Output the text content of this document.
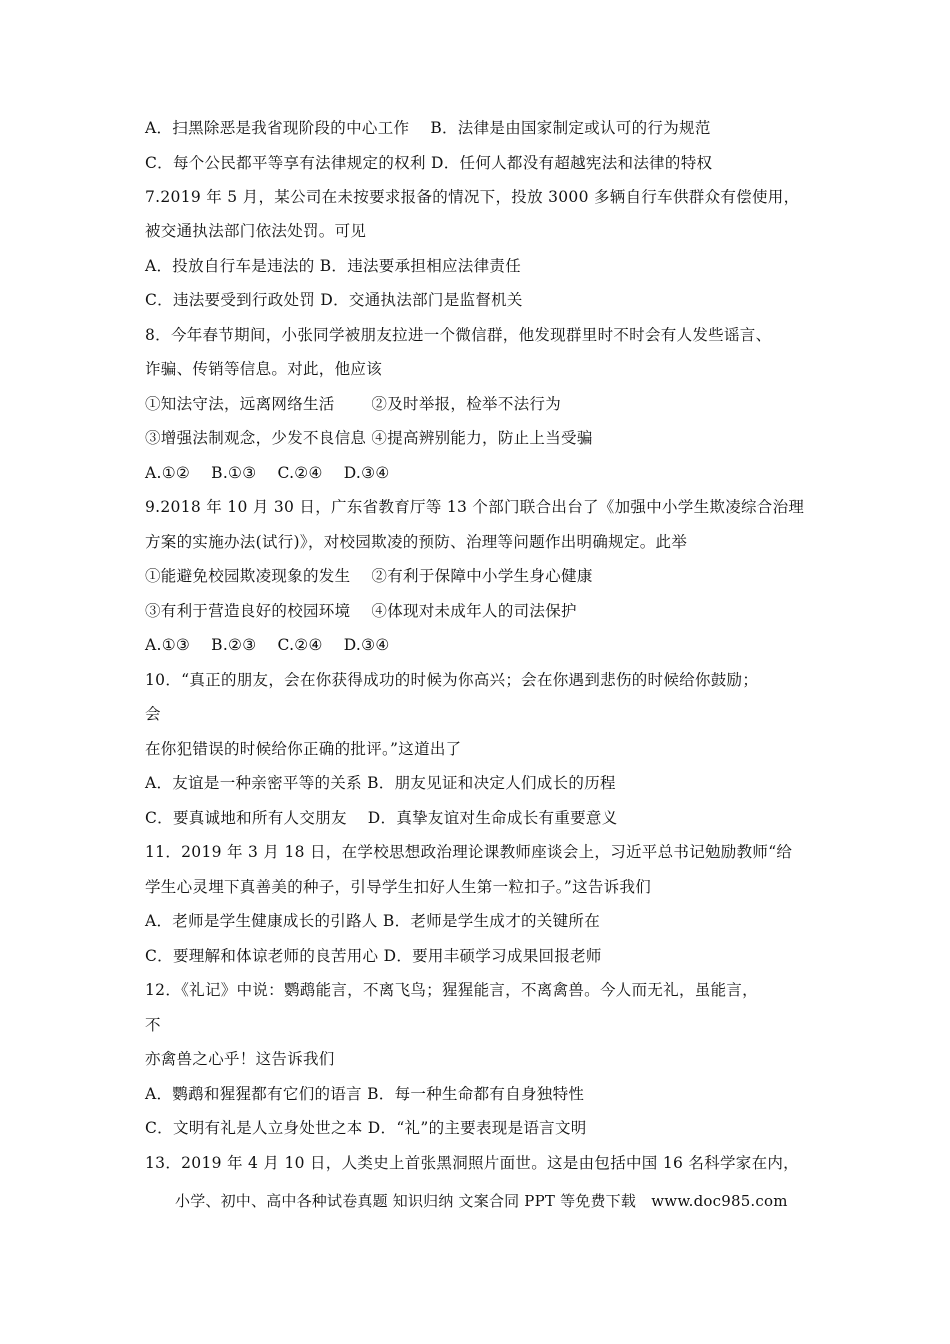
A．扫黑除恶是我省现阶段的中心工作　 B．法律是由国家制定或认可的行为规范
C．每个公民都平等享有法律规定的权利 D．任何人都没有超越宪法和法律的特权
7.2019 年 5 月，某公司在未按要求报备的情况下，投放 3000 多辆自行车供群众有偿使用，
被交通执法部门依法处罚。可见
A．投放自行车是违法的 B．违法要承担相应法律责任
C．违法要受到行政处罚 D．交通执法部门是监督机关
8．今年春节期间，小张同学被朋友拉进一个微信群，他发现群里时不时会有人发些谣言、
诈骗、传销等信息。对此，他应该
①知法守法，远离网络生活　　 ②及时举报，检举不法行为
③增强法制观念，少发不良信息 ④提高辨别能力，防止上当受骗
A.①②　 B.①③　 C.②④　 D.③④
9.2018 年 10 月 30 日，广东省教育厅等 13 个部门联合出台了《加强中小学生欺凌综合治理
方案的实施办法(试行)》，对校园欺凌的预防、治理等问题作出明确规定。此举
①能避免校园欺凌现象的发生　 ②有利于保障中小学生身心健康
③有利于营造良好的校园环境　 ④体现对未成年人的司法保护
A.①③　 B.②③　 C.②④　 D.③④
10．“真正的朋友，会在你获得成功的时候为你高兴；会在你遇到悲伤的时候给你鼓励；
会
在你犯错误的时候给你正确的批评。”这道出了
A．友谊是一种亲密平等的关系 B．朋友见证和决定人们成长的历程
C．要真诚地和所有人交朋友　 D．真挚友谊对生命成长有重要意义
11．2019 年 3 月 18 日，在学校思想政治理论课教师座谈会上，习近平总书记勉励教师“给
学生心灵埋下真善美的种子，引导学生扣好人生第一粒扣子。”这告诉我们
A．老师是学生健康成长的引路人 B．老师是学生成才的关键所在
C．要理解和体谅老师的良苦用心 D．要用丰硕学习成果回报老师
12．《礼记》中说：鹦鹉能言，不离飞鸟；猩猩能言，不离禽兽。今人而无礼，虽能言，
不
亦禽兽之心乎！这告诉我们
A．鹦鹉和猩猩都有它们的语言 B．每一种生命都有自身独特性
C．文明有礼是人立身处世之本 D．“礼”的主要表现是语言文明
13．2019 年 4 月 10 日，人类史上首张黑洞照片面世。这是由包括中国 16 名科学家在内，
小学、初中、高中各种试卷真题 知识归纳 文案合同 PPT 等免费下载　www.doc985.com
